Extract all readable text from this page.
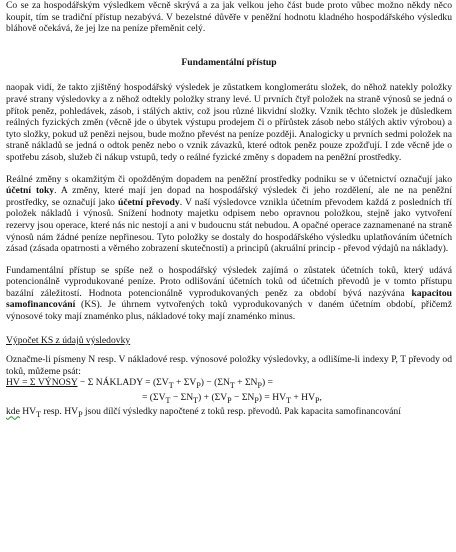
Co se za hospodářským výsledkem věcně skrývá a za jak velkou jeho část bude proto vůbec možno někdy něco koupit, tím se tradiční přístup nezabývá. V bezelstné důvěře v peněžní hodnotu kladného hospodářského výsledku bláhově očekává, že jej lze na peníze přeměnit celý.

Fundamentální přístup

naopak vidí, že takto zjištěný hospodářský výsledek je zůstatkem konglomerátu složek, do něhož natekly položky pravé strany výsledovky a z něhož odtekly položky strany levé. U prvních čtyř položek na straně výnosů se jedná o přítok peněz, pohledávek, zásob, i stálých aktiv, což jsou různé likvidní složky. Vznik těchto složek je důsledkem reálných fyzických změn (věcně jde o úbytek výstupu prodejem či o přírůstek zásob nebo stálých aktiv výrobou) a tyto složky, pokud už penězi nejsou, bude možno převést na peníze později. Analogicky u prvních sedmi položek na straně nákladů se jedná o odtok peněz nebo o vznik závazků, které odtok peněz pouze zpožďují. I zde věcně jde o spotřebu zásob, služeb či nákup vstupů, tedy o reálné fyzické změny s dopadem na peněžní prostředky.

Reálné změny s okamžitým či opožděným dopadem na peněžní prostředky podniku se v účetnictví označují jako účetní toky. A změny, které mají jen dopad na hospodářský výsledek či jeho rozdělení, ale ne na peněžní prostředky, se označují jako účetní převody. V naší výsledovce vznikla účetním převodem každá z posledních tří položek nákladů i výnosů. Snížení hodnoty majetku odpisem nebo opravnou položkou, stejně jako vytvoření rezervy jsou operace, které nás nic nestojí a ani v budoucnu stát nebudou. A opačné operace zaznamenané na straně výnosů nám žádné peníze nepřinesou. Tyto položky se dostaly do hospodářského výsledku uplatňováním účetních zásad (zásada opatrnosti a věrného zobrazení skutečnosti) a principů (akruální princip - převod výdajů na náklady).

Fundamentální přístup se spíše než o hospodářský výsledek zajímá o zůstatek účetních toků, který udává potencionálně vyprodukované peníze. Proto odlišování účetních toků od účetních převodů je v tomto přístupu bazální záležitostí. Hodnota potencionálně vyprodukovaných peněz za období bývá nazývána kapacitou samofinancování (KS). Je úhrnem vytvořených toků vyprodukovaných v daném účetním období, přičemž výnosové toky mají znaménko plus, nákladové toky mají znaménko minus.

Výpočet KS z údajů výsledovky

Označme-li písmeny N resp. V nákladové resp. výnosové položky výsledovky, a odlišíme-li indexy P, T převody od toků, můžeme psát:

HV = Σ VÝNOSY − Σ NÁKLADY = $(\Sigma V_T + \Sigma V_P) - (\Sigma N_T + \Sigma N_P)$ =

= $(\Sigma V_T - \Sigma N_T) + (\Sigma V_P - \Sigma N_P) = HV_T + HV_P$,

kde $HV_T$ resp. $HV_P$ jsou dílčí výsledky napočtené z toků resp. převodů. Pak kapacita samofinancování
